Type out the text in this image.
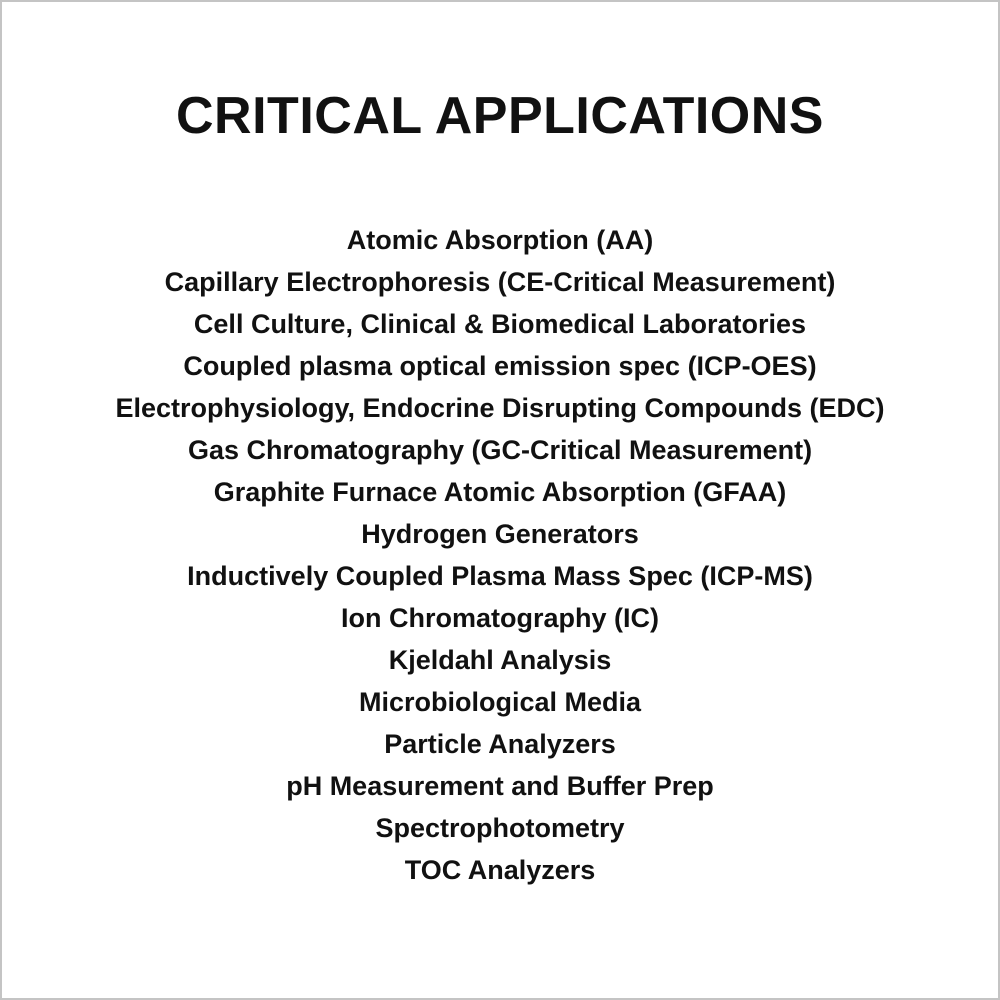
CRITICAL APPLICATIONS
Atomic Absorption (AA)
Capillary Electrophoresis (CE-Critical Measurement)
Cell Culture, Clinical & Biomedical Laboratories
Coupled plasma optical emission spec (ICP-OES)
Electrophysiology, Endocrine Disrupting Compounds (EDC)
Gas Chromatography (GC-Critical Measurement)
Graphite Furnace Atomic Absorption (GFAA)
Hydrogen Generators
Inductively Coupled Plasma Mass Spec (ICP-MS)
Ion Chromatography (IC)
Kjeldahl Analysis
Microbiological Media
Particle Analyzers
pH Measurement and Buffer Prep
Spectrophotometry
TOC Analyzers
